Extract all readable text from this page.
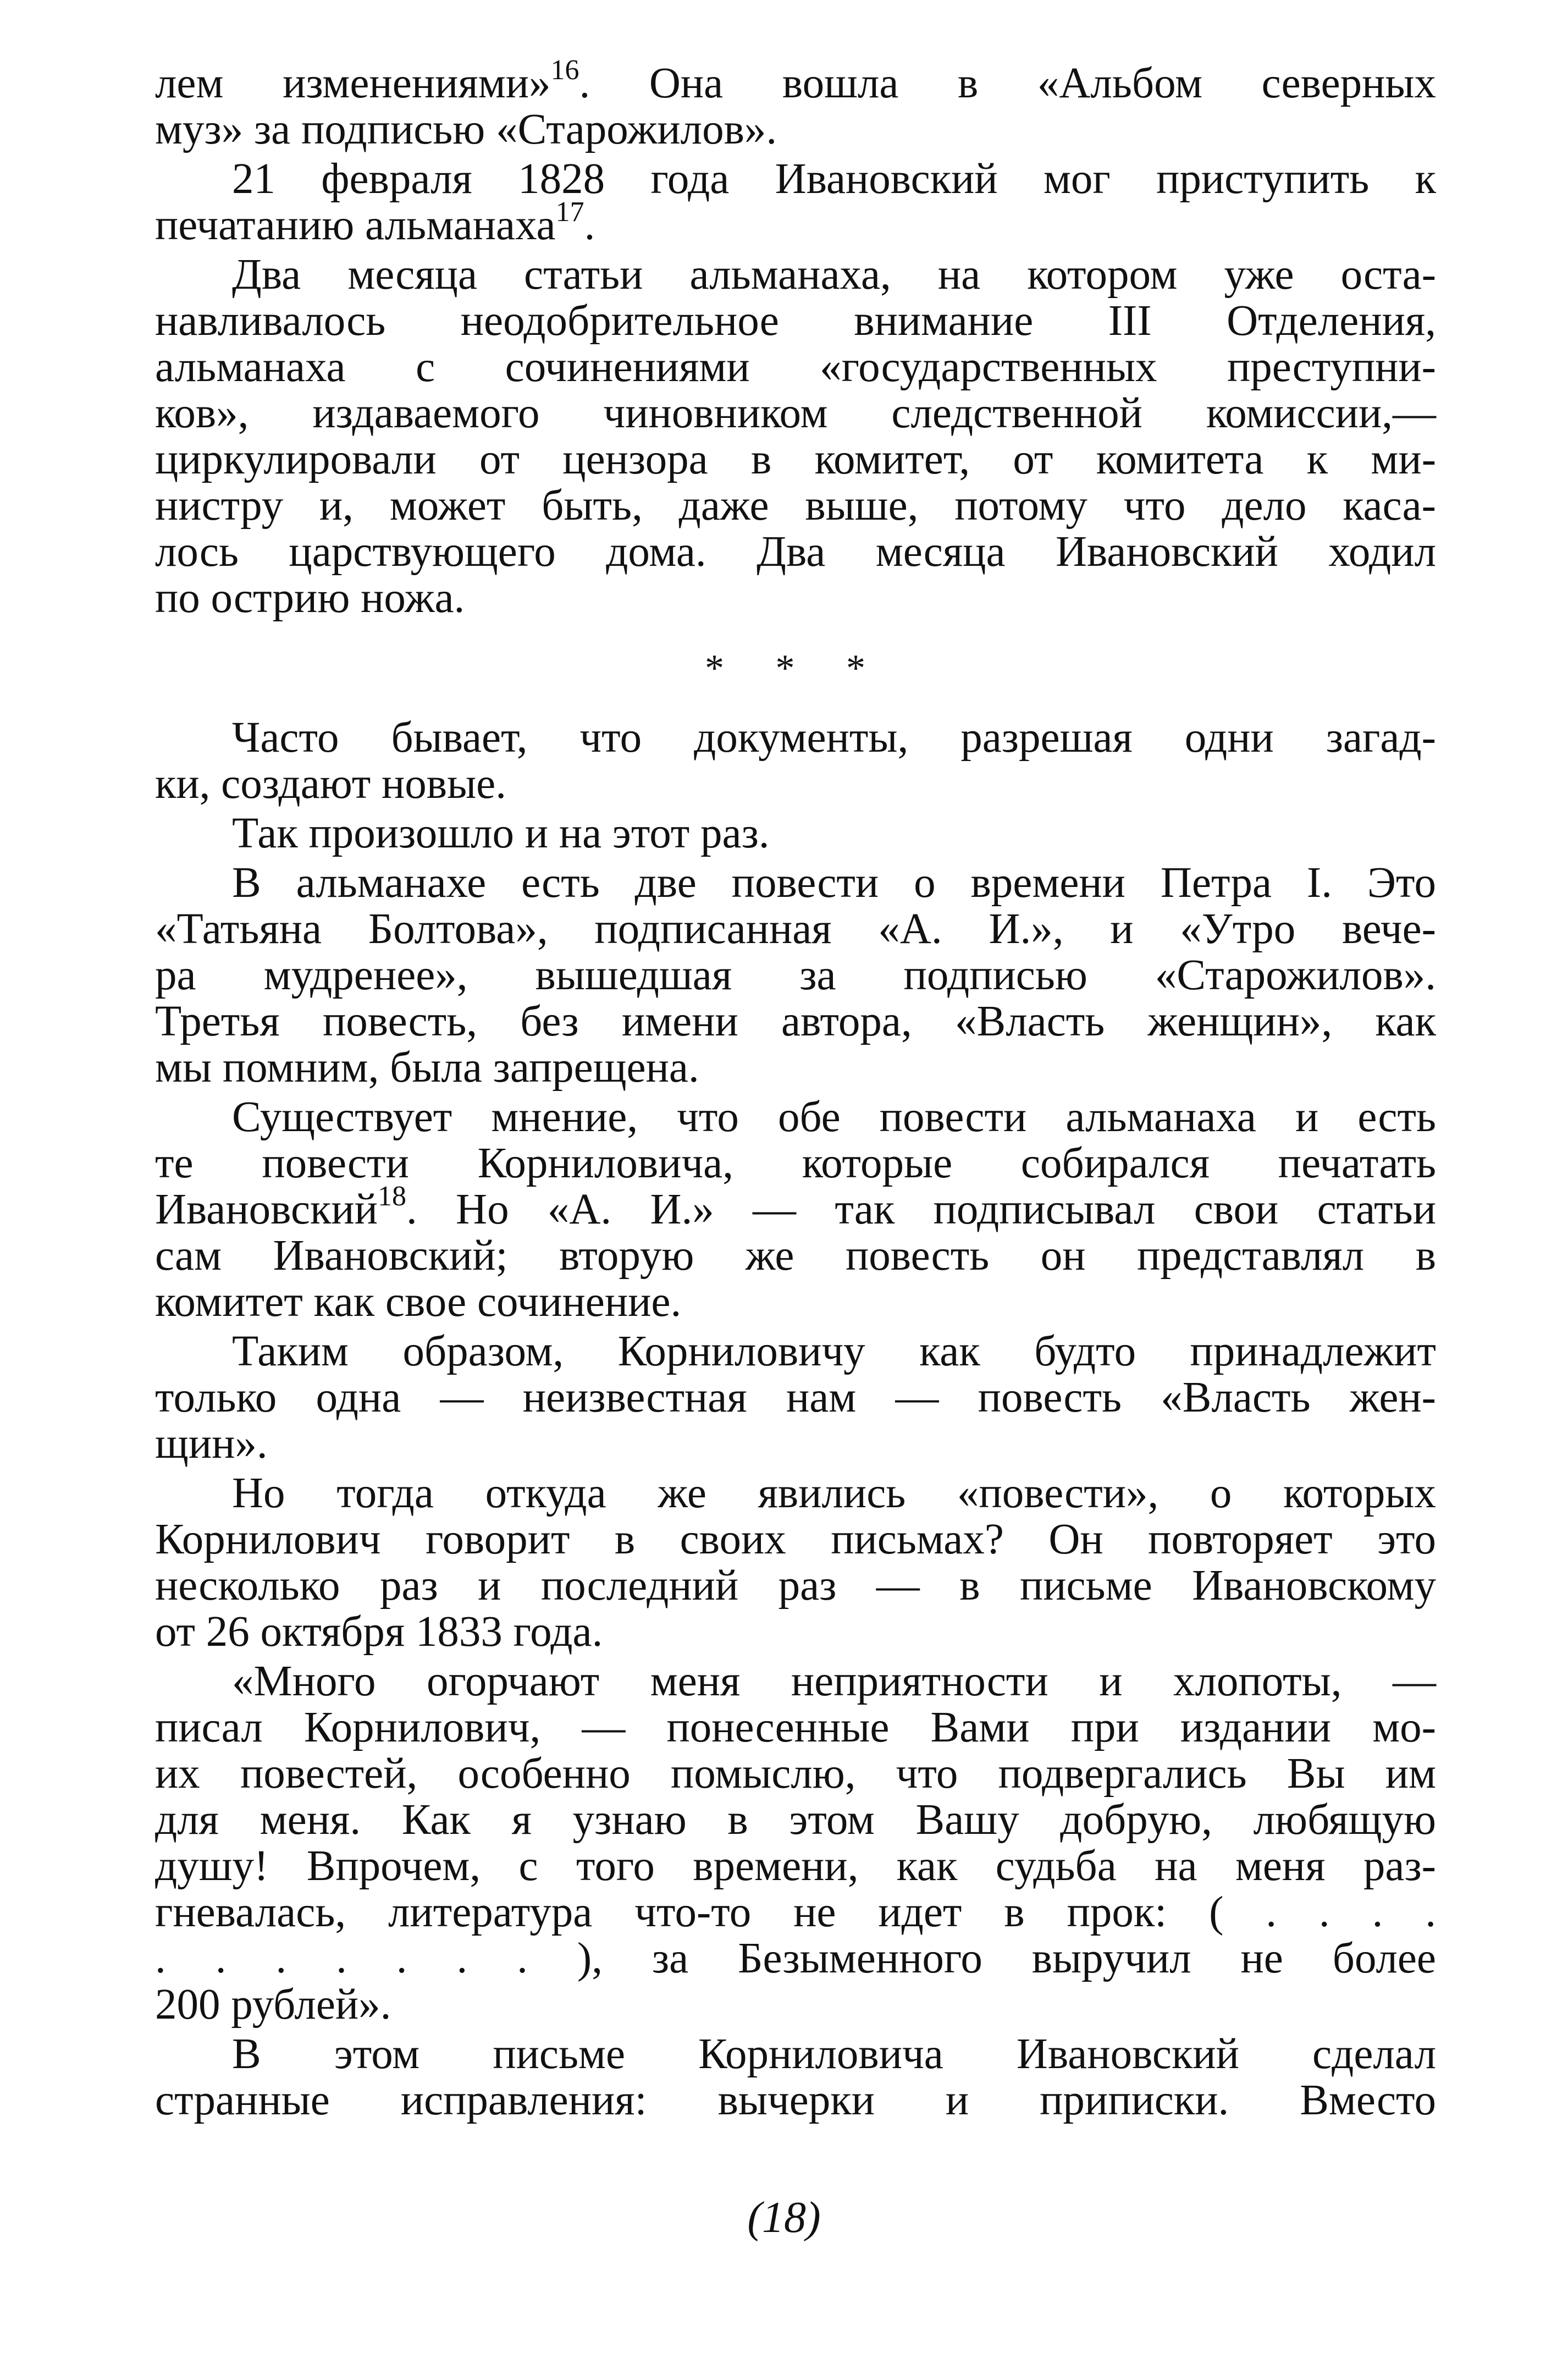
лем изменениями»$^{16}$. Она вошла в «Альбом северных
муз» за подписью «Старожилов».
21 февраля 1828 года Ивановский мог приступить к
печатанию альманаха$^{17}$.
Два месяца статьи альманаха, на котором уже оста-
навливалось неодобрительное внимание III Отделения,
альманаха с сочинениями «государственных преступни-
ков», издаваемого чиновником следственной комиссии,—
циркулировали от цензора в комитет, от комитета к ми-
нистру и, может быть, даже выше, потому что дело каса-
лось царствующего дома. Два месяца Ивановский ходил
по острию ножа.
* * *
Часто бывает, что документы, разрешая одни загад-
ки, создают новые.
Так произошло и на этот раз.
В альманахе есть две повести о времени Петра I. Это
«Татьяна Болтова», подписанная «А. И.», и «Утро вече-
ра мудренее», вышедшая за подписью «Старожилов».
Третья повесть, без имени автора, «Власть женщин», как
мы помним, была запрещена.
Существует мнение, что обе повести альманаха и есть
те повести Корниловича, которые собирался печатать
Ивановский$^{18}$. Но «А. И.» — так подписывал свои статьи
сам Ивановский; вторую же повесть он представлял в
комитет как свое сочинение.
Таким образом, Корниловичу как будто принадлежит
только одна — неизвестная нам — повесть «Власть жен-
щин».
Но тогда откуда же явились «повести», о которых
Корнилович говорит в своих письмах? Он повторяет это
несколько раз и последний раз — в письме Ивановскому
от 26 октября 1833 года.
«Много огорчают меня неприятности и хлопоты, —
писал Корнилович, — понесенные Вами при издании мо-
их повестей, особенно помыслю, что подвергались Вы им
для меня. Как я узнаю в этом Вашу добрую, любящую
душу! Впрочем, с того времени, как судьба на меня раз-
гневалась, литература что-то не идет в прок: ( . . . .
. . . . . . . ), за Безыменного выручил не более
200 рублей».
В этом письме Корниловича Ивановский сделал
странные исправления: вычерки и приписки. Вместо
(18)
